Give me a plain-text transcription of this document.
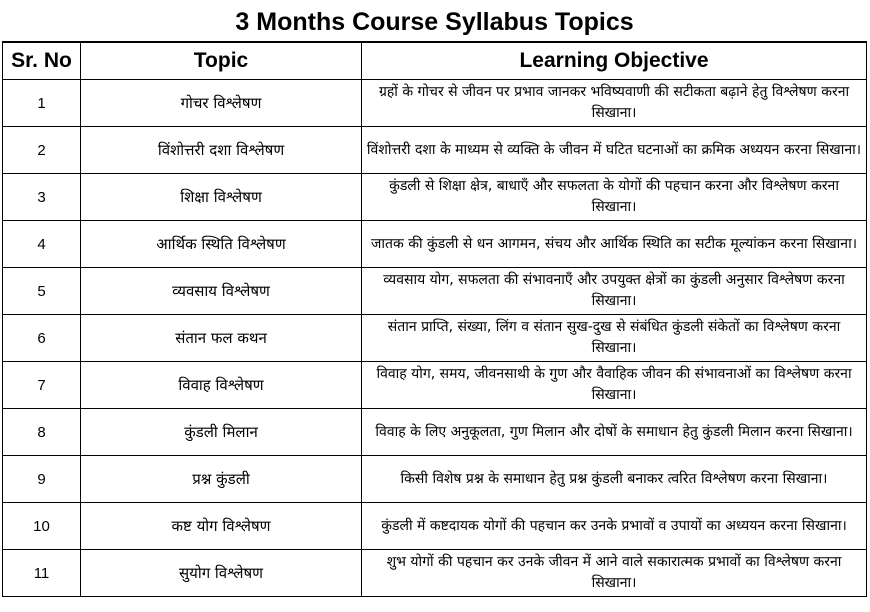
3 Months Course Syllabus Topics		
Sr. No	Topic	Learning Objective
1	गोचर विश्लेषण	ग्रहों के गोचर से जीवन पर प्रभाव जानकर भविष्यवाणी की सटीकता बढ़ाने हेतु विश्लेषण करना सिखाना।
2	विंशोत्तरी दशा विश्लेषण	विंशोत्तरी दशा के माध्यम से व्यक्ति के जीवन में घटित घटनाओं का क्रमिक अध्ययन करना सिखाना।
3	शिक्षा विश्लेषण	कुंडली से शिक्षा क्षेत्र, बाधाएँ और सफलता के योगों की पहचान करना और विश्लेषण करना सिखाना।
4	आर्थिक स्थिति विश्लेषण	जातक की कुंडली से धन आगमन, संचय और आर्थिक स्थिति का सटीक मूल्यांकन करना सिखाना।
5	व्यवसाय विश्लेषण	व्यवसाय योग, सफलता की संभावनाएँ और उपयुक्त क्षेत्रों का कुंडली अनुसार विश्लेषण करना सिखाना।
6	संतान फल कथन	संतान प्राप्ति, संख्या, लिंग व संतान सुख-दुख से संबंधित कुंडली संकेतों का विश्लेषण करना सिखाना।
7	विवाह विश्लेषण	विवाह योग, समय, जीवनसाथी के गुण और वैवाहिक जीवन की संभावनाओं का विश्लेषण करना सिखाना।
8	कुंडली मिलान	विवाह के लिए अनुकूलता, गुण मिलान और दोषों के समाधान हेतु कुंडली मिलान करना सिखाना।
9	प्रश्न कुंडली	किसी विशेष प्रश्न के समाधान हेतु प्रश्न कुंडली बनाकर त्वरित विश्लेषण करना सिखाना।
10	कष्ट योग विश्लेषण	कुंडली में कष्टदायक योगों की पहचान कर उनके प्रभावों व उपायों का अध्ययन करना सिखाना।
11	सुयोग विश्लेषण	शुभ योगों की पहचान कर उनके जीवन में आने वाले सकारात्मक प्रभावों का विश्लेषण करना सिखाना।
